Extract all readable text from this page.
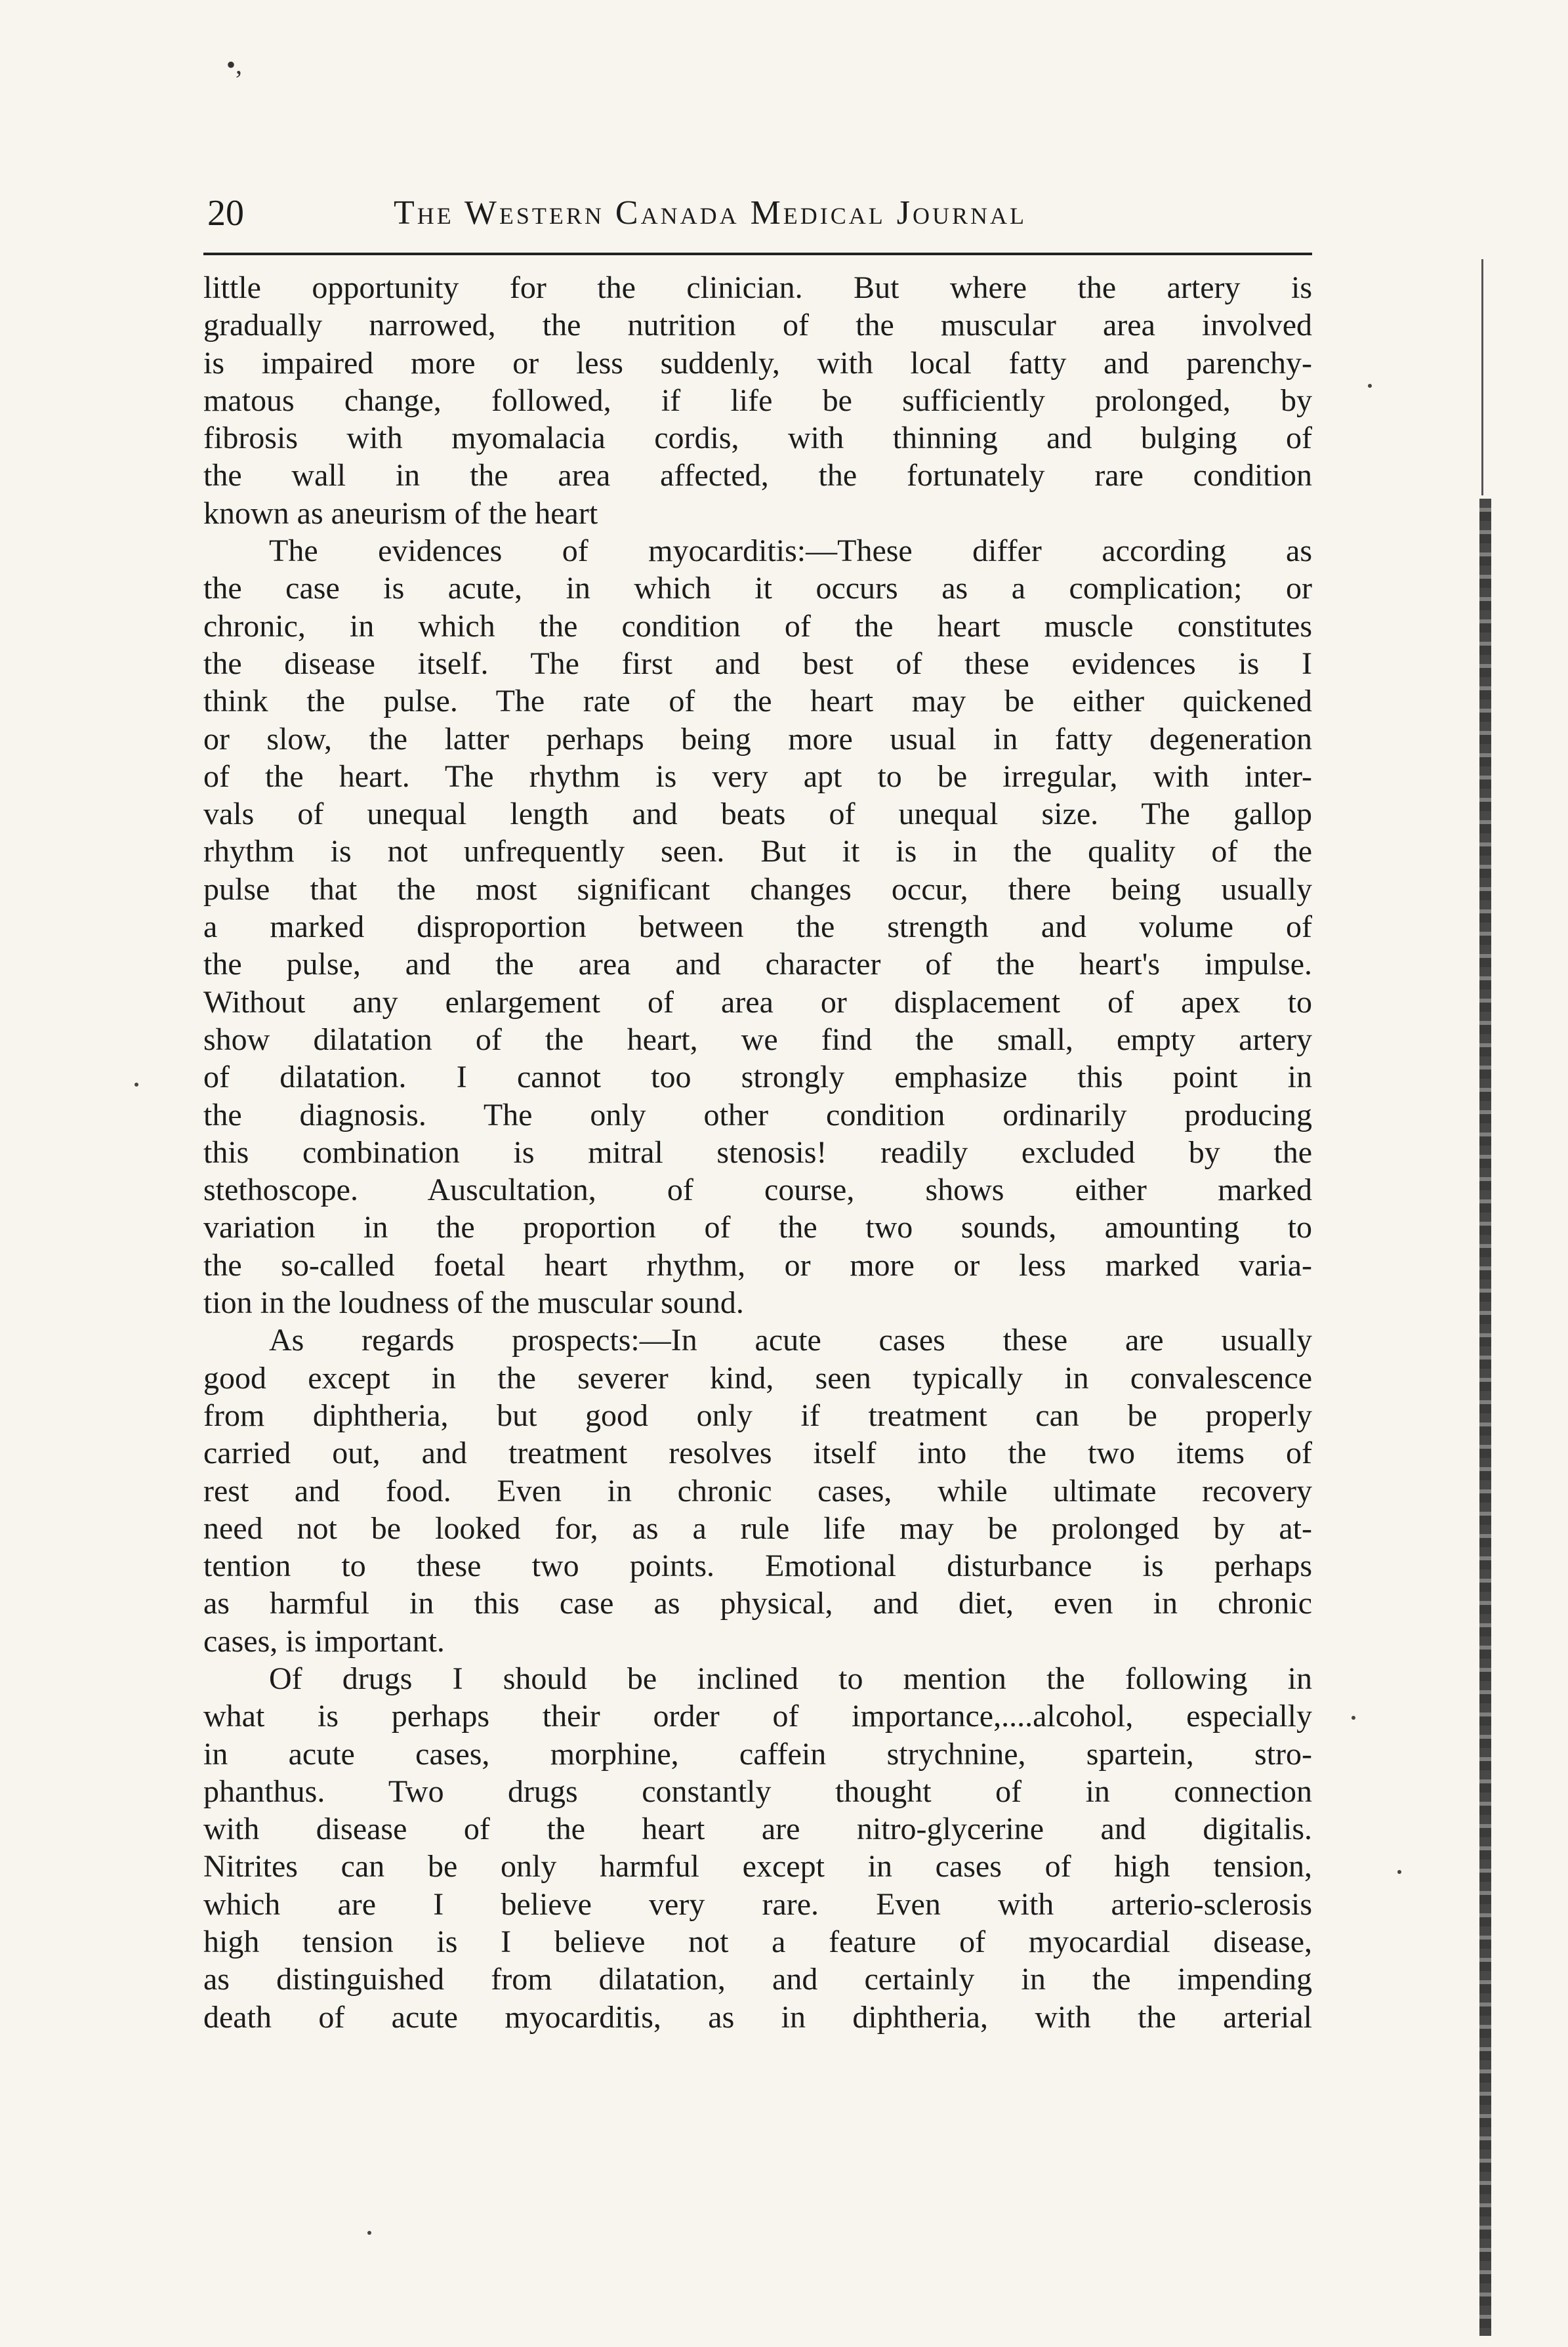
•,
20	The Western Canada Medical Journal
little opportunity for the clinician. But where the artery is
gradually narrowed, the nutrition of the muscular area involved
is impaired more or less suddenly, with local fatty and parenchy-
matous change, followed, if life be sufficiently prolonged, by
fibrosis with myomalacia cordis, with thinning and bulging of
the wall in the area affected, the fortunately rare condition
known as aneurism of the heart
The evidences of myocarditis:—These differ according as
the case is acute, in which it occurs as a complication; or
chronic, in which the condition of the heart muscle constitutes
the disease itself. The first and best of these evidences is I
think the pulse. The rate of the heart may be either quickened
or slow, the latter perhaps being more usual in fatty degeneration
of the heart. The rhythm is very apt to be irregular, with inter-
vals of unequal length and beats of unequal size. The gallop
rhythm is not unfrequently seen. But it is in the quality of the
pulse that the most significant changes occur, there being usually
a marked disproportion between the strength and volume of
the pulse, and the area and character of the heart's impulse.
Without any enlargement of area or displacement of apex to
show dilatation of the heart, we find the small, empty artery
of dilatation. I cannot too strongly emphasize this point in
the diagnosis. The only other condition ordinarily producing
this combination is mitral stenosis! readily excluded by the
stethoscope. Auscultation, of course, shows either marked
variation in the proportion of the two sounds, amounting to
the so-called foetal heart rhythm, or more or less marked varia-
tion in the loudness of the muscular sound.
As regards prospects:—In acute cases these are usually
good except in the severer kind, seen typically in convalescence
from diphtheria, but good only if treatment can be properly
carried out, and treatment resolves itself into the two items of
rest and food. Even in chronic cases, while ultimate recovery
need not be looked for, as a rule life may be prolonged by at-
tention to these two points. Emotional disturbance is perhaps
as harmful in this case as physical, and diet, even in chronic
cases, is important.
Of drugs I should be inclined to mention the following in
what is perhaps their order of importance,....alcohol, especially
in acute cases, morphine, caffein strychnine, spartein, stro-
phanthus. Two drugs constantly thought of in connection
with disease of the heart are nitro-glycerine and digitalis.
Nitrites can be only harmful except in cases of high tension,
which are I believe very rare. Even with arterio-sclerosis
high tension is I believe not a feature of myocardial disease,
as distinguished from dilatation, and certainly in the impending
death of acute myocarditis, as in diphtheria, with the arterial
